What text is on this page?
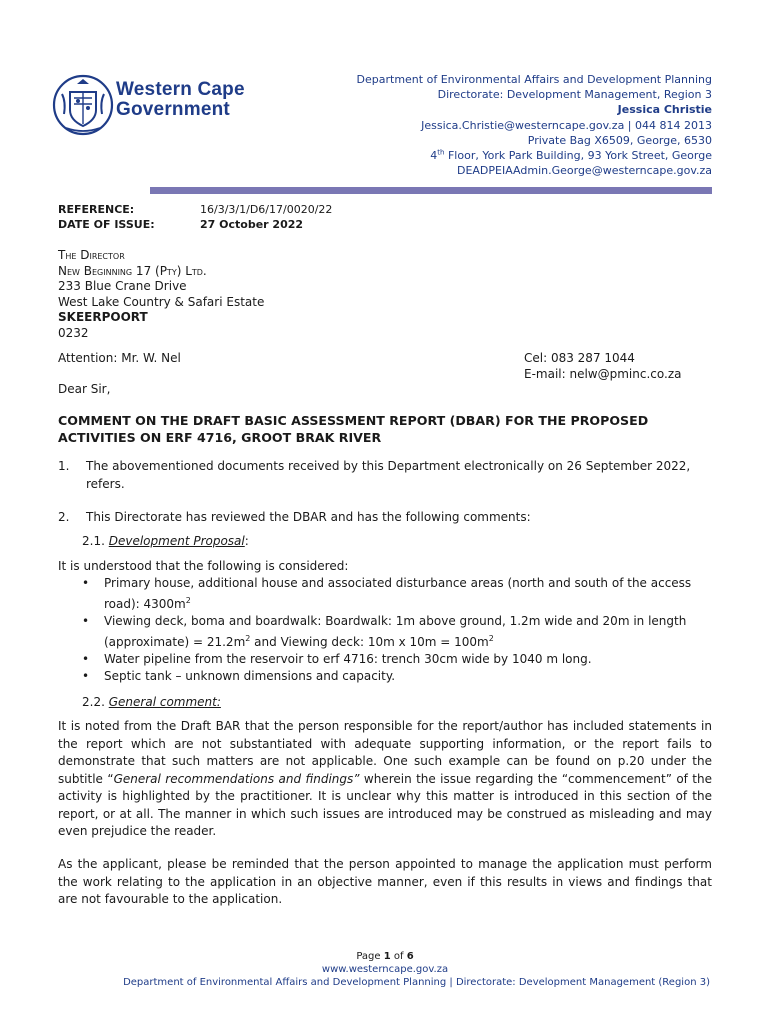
Western Cape
Government
Department of Environmental Affairs and Development Planning
Directorate: Development Management, Region 3
Jessica Christie
Jessica.Christie@westerncape.gov.za | 044 814 2013
Private Bag X6509, George, 6530
4th Floor, York Park Building, 93 York Street, George
DEADPEIAAdmin.George@westerncape.gov.za
REFERENCE:	16/3/3/1/D6/17/0020/22
DATE OF ISSUE:	27 October 2022
The Director
New Beginning 17 (Pty) Ltd.
233 Blue Crane Drive
West Lake Country & Safari Estate
SKEERPOORT
0232
Attention: Mr. W. Nel	Cel: 083 287 1044
E-mail: nelw@pminc.co.za
Dear Sir,
COMMENT ON THE DRAFT BASIC ASSESSMENT REPORT (DBAR) FOR THE PROPOSED ACTIVITIES ON ERF 4716, GROOT BRAK RIVER
1. The abovementioned documents received by this Department electronically on 26 September 2022, refers.
2. This Directorate has reviewed the DBAR and has the following comments:
2.1. Development Proposal:
It is understood that the following is considered:
• Primary house, additional house and associated disturbance areas (north and south of the access road): $4300m^2$
• Viewing deck, boma and boardwalk: Boardwalk: 1m above ground, 1.2m wide and 20m in length (approximate) = $21.2m^2$ and Viewing deck: 10m x $10m = 100m^2$
• Water pipeline from the reservoir to erf 4716: trench 30cm wide by 1040 m long.
• Septic tank – unknown dimensions and capacity.
2.2. General comment:
It is noted from the Draft BAR that the person responsible for the report/author has included statements in the report which are not substantiated with adequate supporting information, or the report fails to demonstrate that such matters are not applicable. One such example can be found on p.20 under the subtitle “General recommendations and findings” wherein the issue regarding the “commencement” of the activity is highlighted by the practitioner. It is unclear why this matter is introduced in this section of the report, or at all. The manner in which such issues are introduced may be construed as misleading and may even prejudice the reader.
As the applicant, please be reminded that the person appointed to manage the application must perform the work relating to the application in an objective manner, even if this results in views and findings that are not favourable to the application.
Page 1 of 6
www.westerncape.gov.za
Department of Environmental Affairs and Development Planning | Directorate: Development Management (Region 3)
